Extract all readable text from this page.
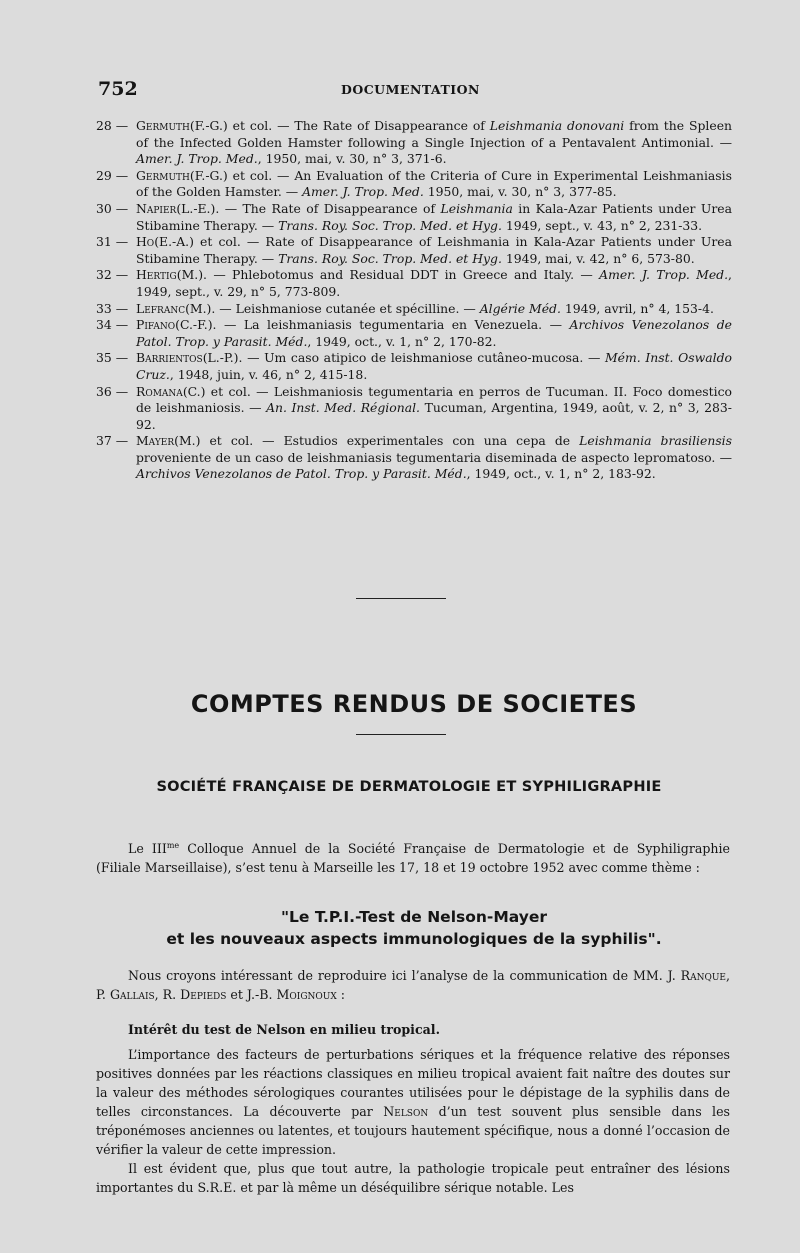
752	DOCUMENTATION
28 — Germuth(F.-G.) et col. — The Rate of Disappearance of Leishmania donovani from the Spleen of the Infected Golden Hamster following a Single Injection of a Pentavalent Antimonial. — Amer. J. Trop. Med., 1950, mai, v. 30, n° 3, 371-6.
29 — Germuth(F.-G.) et col. — An Evaluation of the Criteria of Cure in Experimental Leishmaniasis of the Golden Hamster. — Amer. J. Trop. Med. 1950, mai, v. 30, n° 3, 377-85.
30 — Napier(L.-E.). — The Rate of Disappearance of Leishmania in Kala-Azar Patients under Urea Stibamine Therapy. — Trans. Roy. Soc. Trop. Med. et Hyg. 1949, sept., v. 43, n° 2, 231-33.
31 — Ho(E.-A.) et col. — Rate of Disappearance of Leishmania in Kala-Azar Patients under Urea Stibamine Therapy. — Trans. Roy. Soc. Trop. Med. et Hyg. 1949, mai, v. 42, n° 6, 573-80.
32 — Hertig(M.). — Phlebotomus and Residual DDT in Greece and Italy. — Amer. J. Trop. Med., 1949, sept., v. 29, n° 5, 773-809.
33 — Lefranc(M.). — Leishmaniose cutanée et spécilline. — Algérie Méd. 1949, avril, n° 4, 153-4.
34 — Pifano(C.-F.). — La leishmaniasis tegumentaria en Venezuela. — Archivos Venezolanos de Patol. Trop. y Parasit. Méd., 1949, oct., v. 1, n° 2, 170-82.
35 — Barrientos(L.-P.). — Um caso atipico de leishmaniose cutâneo-mucosa. — Mém. Inst. Oswaldo Cruz., 1948, juin, v. 46, n° 2, 415-18.
36 — Romana(C.) et col. — Leishmaniosis tegumentaria en perros de Tucuman. II. Foco domestico de leishmaniosis. — An. Inst. Med. Régional. Tucuman, Argentina, 1949, août, v. 2, n° 3, 283-92.
37 — Mayer(M.) et col. — Estudios experimentales con una cepa de Leishmania brasiliensis proveniente de un caso de leishmaniasis tegumentaria diseminada de aspecto lepromatoso. — Archivos Venezolanos de Patol. Trop. y Parasit. Méd., 1949, oct., v. 1, n° 2, 183-92.
COMPTES RENDUS DE SOCIETES
SOCIÉTÉ FRANÇAISE DE DERMATOLOGIE ET SYPHILIGRAPHIE
Le $III^{me}$ Colloque Annuel de la Société Française de Dermatologie et de Syphiligraphie (Filiale Marseillaise), s’est tenu à Marseille les 17, 18 et 19 octobre 1952 avec comme thème :
"Le T.P.I.-Test de Nelson-Mayer
et les nouveaux aspects immunologiques de la syphilis".

Nous croyons intéressant de reproduire ici l’analyse de la communication de MM. J. Ranque, P. Gallais, R. Depieds et J.-B. Moignoux :

Intérêt du test de Nelson en milieu tropical.

L’importance des facteurs de perturbations sériques et la fréquence relative des réponses positives données par les réactions classiques en milieu tropical avaient fait naître des doutes sur la valeur des méthodes sérologiques courantes utilisées pour le dépistage de la syphilis dans de telles circonstances. La découverte par Nelson d’un test souvent plus sensible dans les tréponémoses anciennes ou latentes, et toujours hautement spécifique, nous a donné l’occasion de vérifier la valeur de cette impression.

Il est évident que, plus que tout autre, la pathologie tropicale peut entraîner des lésions importantes du S.R.E. et par là même un déséquilibre sérique notable. Les
